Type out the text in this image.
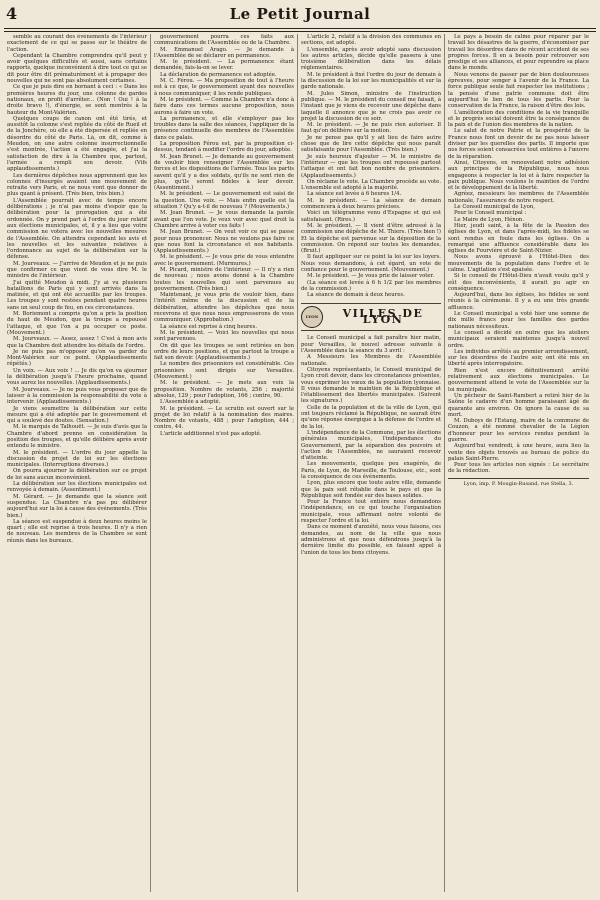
4	Le Petit Journal

semble au courant des événements de l'intérieur exactement de ce qui se passe sur le théâtre de l'action.

Cependant la Chambre comprendra qu'il peut y avoir quelques difficultés et aussi, sans certains rapports, quelque inconvénient à dire tout ce qui se dit pour être dit prématurément et à propager des nouvelles qui ne sont pas absolument certaines.

Ce que je puis dire en bornant à ceci : « Dans les premières heures du jour, une colonne de gardes nationaux, en profit d'arrêter... (Non ! Oui ! à la droite bravo !), d'énergie, se sont montrés à la hauteur du Mont-Valérien.

Quelques coups de canon ont été tirés, et aussitôt la colonne s'est repliée du côté de Rueil et de la Jonchère, où elle a été dispersée et repliée en désordre du côté de Paris. Là, on dit, comme à Meudon, on une autre colonne insurrectionnelle s'est montrée, l'action a été engagée, et j'ai la satisfaction de dire à la Chambre que, partout, l'armée a rempli son devoir. (Vifs applaudissements.)

Les dernières dépêches nous apprennent que les colonnes d'insurgés avaient une mouvement de retraite vers Paris, et ne nous vont que donner de plus quant à présent. (Très bien, très bien.)

L'Assemblée pourrait avec de temps encore délibérations ; je n'ai pas moins d'espoir que la délibération pour la prorogation qui a été ordonnée. On y prend part à l'ordre du jour relatif aux élections municipales, et, il y a lieu que votre commission ne votera avec les nouvelles mesures de l'Assemblée. On attendra cependant les avis et les nouvelles et les suivantes relatives à l'ordonnance au sujet de la délibération sur la défense.

M. Jourveaux. — J'arrive de Meudon et je ne puis que confirmer ce que vient de vous dire M. le ministre de l'intérieur.

J'ai quitté Meudon à midi. J'y ai vu plusieurs bataillons de Paris qui y sont arrivés dans la matinée, et qui ont été accueillis par les troupes. Les troupes y sont restées pendant quatre heures sans un seul coup de feu, en ces circonstances.

M. Boriemont a compris qu'on a pris la position du haut de Meudon, que la troupe a repoussé l'attaque, et que l'on a pu occuper ce poste. (Mouvement.)

M. Jourveaux. — Assez, assez ! C'est à mon avis que la Chambre doit attendre les détails de l'ordre.

Je ne puis pas m'opposer qu'on va garder du Mont-Valérien sur ce point. (Applaudissements répétés.)

Un voix. — Aux voix ! ... Je dis qu'on va ajourner la délibération jusqu'à l'heure prochaine, quand vous aurez les nouvelles. (Applaudissements.)

M. Jourveaux. — Je ne puis vous proposer que de laisser à la commission la responsabilité du vote à intervenir. (Applaudissements.)

Je viens soumettre la délibération sur cette mesure qui a été adoptée par le gouvernement et qui a soulevé des doutes. (Sensation.)

M. le marquis de Talhouët. — Je suis d'avis que la Chambre d'abord prenne en considération la position des troupes, et qu'elle délibère après avoir entendu le ministre.

M. le président. — L'ordre du jour appelle la discussion du projet de loi sur les élections municipales. (Interruptions diverses.)

On pourra ajourner la délibération sur ce projet de loi sans aucun inconvénient.

La délibération sur les élections municipales est renvoyée à demain. (Assentiment.)

M. Gérard. — Je demande que la séance soit suspendue. La Chambre n'a pas pu délibérer aujourd'hui sur la loi à cause des événements. (Très bien.)

La séance est suspendue à deux heures moins le quart ; elle est reprise à trois heures. Il n'y a rien de nouveau. Les membres de la Chambre se sont réunis dans les bureaux.

gouvernement pourra ces faits aux communications de l'Assemblée ou de la Chambre.

M. Emmanuel Arago. — Je demande à l'Assemblée de se déclarer en permanence.

M. le président. — La permanence étant demandée, fais-la-on se lever.

La déclaration de permanence est adoptée.

M. C. Férou. — Ma proposition de tout à l'heure est à ce que, le gouvernement ayant des nouvelles à nous communiquer, il les rende publiques.

M. le président. — Comme la Chambre n'a donc à faire dans ces termes aucune proposition, nous aurons à faire un vote.

La permanence, et elle s'employer pas les troubles dans la salle des séances, l'appliquer de la présence continuelle des membres de l'Assemblée dans ce palais.

La proposition Férou est, par la proposition ci-dessus, tendant à modifier l'ordre du jour, adoptée.

M. Jean Brunet. — Je demande au gouvernement de vouloir bien renseigner l'Assemblée sur les forces et les dispositions de l'armée. Tous les partis savent qu'il y a des soldats, qu'ils ne sont rien de plus, qu'ils seront fidèles à leur devoir. (Assentiment.)

M. le président. — Le gouvernement est saisi de la question. Une voix. — Mais enfin quelle est la situation ? Qu'y a-t-il de nouveau ? (Mouvements.)

M. Jean Brunet. — Je vous demande la parole avant que l'on vote. Je veux voir avec quel droit la Chambre arrive à voter ces faits !

M. Jean Brunet. — On veut voir ce qui se passe pour nous prononcer. Nous ne voulons pas faire ce que nous font la circonstance et nos habitants. (Applaudissements.)

M. le président. — Je vous prie de vous entendre avec le gouvernement. (Murmures.)

M. Picard, ministre de l'intérieur. — Il n'y a rien de nouveau ; nous avons donné à la Chambre toutes les nouvelles qui sont parvenues au gouvernement. (Très bien.)

Maintenant, je vous prie de vouloir bien, dans l'intérêt même de la discussion et de la délibération, attendre les dépêches que nous recevrons et que nous nous empresserons de vous communiquer. (Approbation.)

La séance est reprise à cinq heures.

M. le président. — Voici les nouvelles qui nous sont parvenues.

On dit que les troupes se sont retirées en bon ordre de leurs positions, et que partout la troupe a fait son devoir. (Applaudissements.)

Le nombre des prisonniers est considérable. Ces prisonniers sont dirigés sur Versailles. (Mouvement.)

M. le président. — Je mets aux voix la proposition. Nombre de votants, 256 ; majorité absolue, 129 ; pour l'adoption, 166 ; contre, 90.

L'Assemblée a adopté.

M. le président. — Le scrutin est ouvert sur le projet de loi relatif à la nomination des maires. Nombre de votants, 488 ; pour l'adoption, 444 ; contre, 44.

L'article additionnel n'est pas adopté.

L'article 2, relatif à la division des communes en sections, est adopté.

L'ensemble, après avoir adopté sans discussion les autres articles, décide qu'elle passera à une troisième délibération dans les délais réglementaires.

M. le président à fixé l'ordre du jour de demain à la discussion de la loi sur les municipalités et sur la garde nationale.

M. Jules Simon, ministre de l'instruction publique. — M. le président du conseil me faisait, à l'instant que je viens de recevoir une dépêche dans laquelle il annonce que je ne crois pas avoir ce projet la discussion de ce soir.

M. le président. — Je ne puis rien autoriser. Il faut qu'on délibère sur la motion.

Je ne pense pas qu'il y ait lieu de faire autre chose que de lire cette dépêche qui nous paraît satisfaisante pour l'Assemblée. (Très bien.)

Je suis heureux d'ajouter — M. le ministre de l'intérieur — que les troupes ont repoussé partout l'attaque et ont fait bon nombre de prisonniers. (Applaudissements.)

On réclame le vote. La Chambre procède au vote. L'ensemble est adopté à la majorité.

La séance est levée à 6 heures 1/4.

M. le président. — La séance de demain commencera à deux heures précises.

Voici un télégramme venu d'Espagne et qui est satisfaisant. (Rires.)

M. le président. — Il vient d'être adressé à la commission une dépêche de M. Thiers. (Très bien !) Et la dépêche est parvenue sur la déposition de la commission. On répond sur toutes les demandes. (Bruit.)

Il faut appliquer sur ce point la loi sur les loyers. Nous vous demandons, à cet égard, un vote de confiance pour le gouvernement. (Mouvement.)

M. le président. — Je vous prie de laisser voter.

(La séance est levée à 6 h 1/2 par les membres de la commission.)

La séance de demain à deux heures.

LYON	VILLES DE LYON

Le Conseil municipal a fait paraître hier matin, pour Versailles, le nouvel adresse suivante à l'Assemblée dans la séance du 3 avril :

A Messieurs les Membres de l'Assemblée nationale.

Citoyens représentants, le Conseil municipal de Lyon croit devoir, dans les circonstances présentes, vous exprimer les vœux de la population lyonnaise. Il vous demande le maintien de la République et l'établissement des libertés municipales. (Suivent les signatures.)

Celle de la population et de la ville de Lyon, qui ont toujours réclamé la République, ne saurait être qu'une réponse énergique à la défense de l'ordre et de la loi.

L'indépendance de la Commune, par les élections générales municipales, l'indépendance du Gouvernement, par la séparation des pouvoirs et l'action de l'Assemblée, ne sauraient recevoir d'atteinte.

Les mouvements, quelque peu exagérés, de Paris, de Lyon, de Marseille, de Toulouse, etc., sont la conséquence de ces événements.

Lyon, plus encore que toute autre ville, demande que la paix soit rétablie dans le pays et que la République soit fondée sur des bases solides.

Pour la France tout entière nous demandons l'indépendance, en ce qui touche l'organisation municipale, vous affirmant notre volonté de respecter l'ordre et la loi.

Dans ce moment d'anxiété, nous vous faisons, ces demandes, au nom de la ville que nous administrons et que nous défendrons jusqu'à la dernière limite du possible, en faisant appel à l'union de tous les bons citoyens.

Le pays a besoin de calme pour réparer par le travail les désastres de la guerre, d'économiser par travail les désordres dans de récent accident de ses propres forces. Il en a besoin pour retrouver son prestige et ses alliances, et pour reprendre sa place dans le monde.

Nous venons de passer par de bien douloureuses épreuves, pour songer à l'avenir de la France. La force publique seule fait respecter les institutions ; la pensée d'une patrie commune doit être aujourd'hui le lien de tous les partis. Pour la conservation de la France, la raison d'être des lois.

L'amélioration des conditions de la vie tranquille et le progrès social doivent être la conséquence de la paix et de l'union des membres de la nation.

Le salut de notre Patrie et la prospérité de la France nous font un devoir de ne pas nous laisser diviser par les querelles des partis. Il importe que nos forces soient consacrées tout entières à l'œuvre de la réparation.

Ainsi, Citoyens, en renouvelant notre adhésion aux principes de la République, nous nous engageons à respecter la loi et à faire respecter la paix publique. Nous voulons le maintien de l'ordre et le développement de la liberté.

Agréez, messieurs les membres de l'Assemblée nationale, l'assurance de notre respect.

Le Conseil municipal de Lyon,

Pour le Conseil municipal :

Le Maire de Lyon, Hénon.

Hier, jeudi saint, à la fête de la Passion des églises de Lyon, et dans l'après-midi, les fidèles se sont rendus en foule dans les églises. On a remarqué une affluence considérable dans les églises de Fourvière et de Saint-Nizier.

Nous avons éprouvé à l'Hôtel-Dieu des mouvements de la population dans l'ordre et le calme. L'agitation s'est apaisée.

Si le conseil de l'Hôtel-Dieu n'avait voulu qu'il y eût des inconvénients, il aurait pu agir en conséquence.

Aujourd'hui, dans les églises, les fidèles se sont réunis à la cérémonie. Il y a eu une très grande affluence.

Le Conseil municipal a voté hier une somme de dix mille francs pour les familles des gardes nationaux nécessiteux.

Le conseil a décidé en outre que les ateliers municipaux seraient maintenus jusqu'à nouvel ordre.

Les individus arrêtés au premier arrondissement, sur les désordres de l'autre soir, ont été mis en liberté après interrogatoire.

Rien n'est encore définitivement arrêté relativement aux élections municipales. Le gouvernement attend le vote de l'Assemblée sur la loi municipale.

Un pêcheur de Saint-Rambert a retiré hier de la Saône le cadavre d'un homme paraissant âgé de quarante ans environ. On ignore la cause de sa mort.

M. Duboys de l'Estang, maire de la commune de Couzon, a été nommé chevalier de la Légion d'honneur pour les services rendus pendant la guerre.

Aujourd'hui vendredi, à une heure, aura lieu la vente des objets trouvés au bureau de police du palais Saint-Pierre.

Pour tous les articles non signés : Le secrétaire de la rédaction.

Lyon, imp. P. Mougin-Rusand, rue Stella, 3.
